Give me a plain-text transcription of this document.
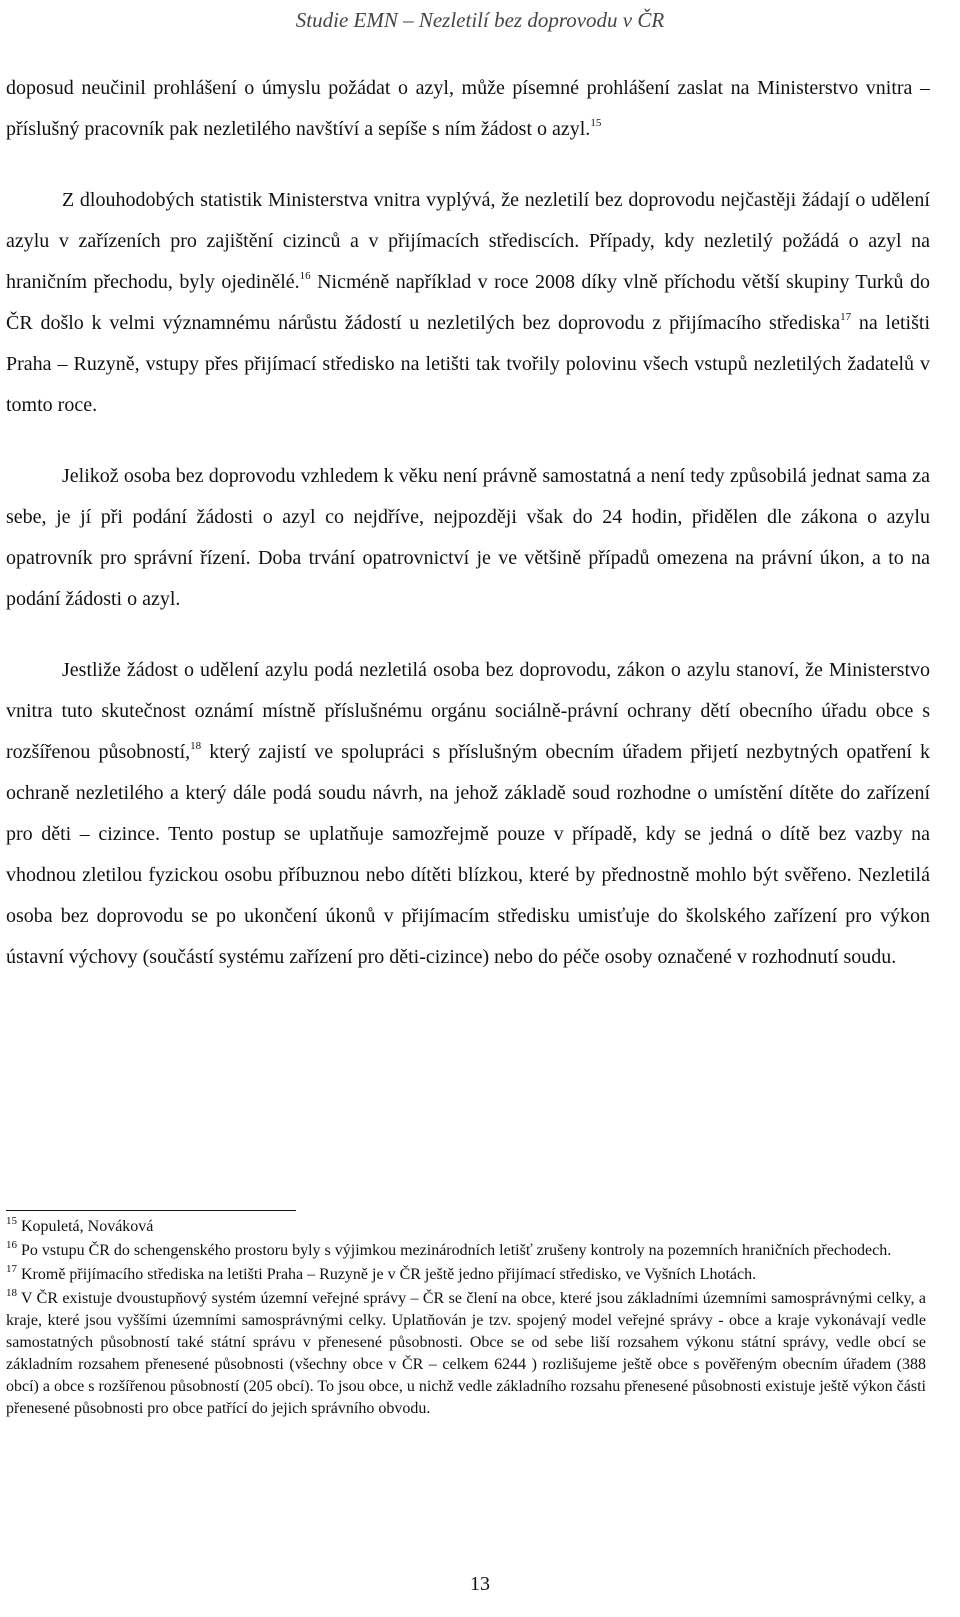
Studie EMN – Nezletilí bez doprovodu v ČR

doposud neučinil prohlášení o úmyslu požádat o azyl, může písemné prohlášení zaslat na Ministerstvo vnitra – příslušný pracovník pak nezletilého navštíví a sepíše s ním žádost o azyl.$^{15}$

Z dlouhodobých statistik Ministerstva vnitra vyplývá, že nezletilí bez doprovodu nejčastěji žádají o udělení azylu v zařízeních pro zajištění cizinců a v přijímacích střediscích. Případy, kdy nezletilý požádá o azyl na hraničním přechodu, byly ojedinělé.$^{16}$ Nicméně například v roce 2008 díky vlně příchodu větší skupiny Turků do ČR došlo k velmi významnému nárůstu žádostí u nezletilých bez doprovodu z přijímacího střediska$^{17}$ na letišti Praha – Ruzyně, vstupy přes přijímací středisko na letišti tak tvořily polovinu všech vstupů nezletilých žadatelů v tomto roce.

Jelikož osoba bez doprovodu vzhledem k věku není právně samostatná a není tedy způsobilá jednat sama za sebe, je jí při podání žádosti o azyl co nejdříve, nejpozději však do 24 hodin, přidělen dle zákona o azylu opatrovník pro správní řízení. Doba trvání opatrovnictví je ve většině případů omezena na právní úkon, a to na podání žádosti o azyl.

Jestliže žádost o udělení azylu podá nezletilá osoba bez doprovodu, zákon o azylu stanoví, že Ministerstvo vnitra tuto skutečnost oznámí místně příslušnému orgánu sociálně-právní ochrany dětí obecního úřadu obce s rozšířenou působností,$^{18}$ který zajistí ve spolupráci s příslušným obecním úřadem přijetí nezbytných opatření k ochraně nezletilého a který dále podá soudu návrh, na jehož základě soud rozhodne o umístění dítěte do zařízení pro děti – cizince. Tento postup se uplatňuje samozřejmě pouze v případě, kdy se jedná o dítě bez vazby na vhodnou zletilou fyzickou osobu příbuznou nebo dítěti blízkou, které by přednostně mohlo být svěřeno. Nezletilá osoba bez doprovodu se po ukončení úkonů v přijímacím středisku umisťuje do školského zařízení pro výkon ústavní výchovy (součástí systému zařízení pro děti-cizince) nebo do péče osoby označené v rozhodnutí soudu.

$^{15}$ Kopuletá, Nováková

$^{16}$ Po vstupu ČR do schengenského prostoru byly s výjimkou mezinárodních letišť zrušeny kontroly na pozemních hraničních přechodech.

$^{17}$ Kromě přijímacího střediska na letišti Praha – Ruzyně je v ČR ještě jedno přijímací středisko, ve Vyšních Lhotách.

$^{18}$ V ČR existuje dvoustupňový systém územní veřejné správy – ČR se člení na obce, které jsou základními územními samosprávnými celky, a kraje, které jsou vyššími územními samosprávnými celky. Uplatňován je tzv. spojený model veřejné správy - obce a kraje vykonávají vedle samostatných působností také státní správu v přenesené působnosti. Obce se od sebe liší rozsahem výkonu státní správy, vedle obcí se základním rozsahem přenesené působnosti (všechny obce v ČR – celkem 6244 ) rozlišujeme ještě obce s pověřeným obecním úřadem (388 obcí) a obce s rozšířenou působností (205 obcí). To jsou obce, u nichž vedle základního rozsahu přenesené působnosti existuje ještě výkon části přenesené působnosti pro obce patřící do jejich správního obvodu.

13
